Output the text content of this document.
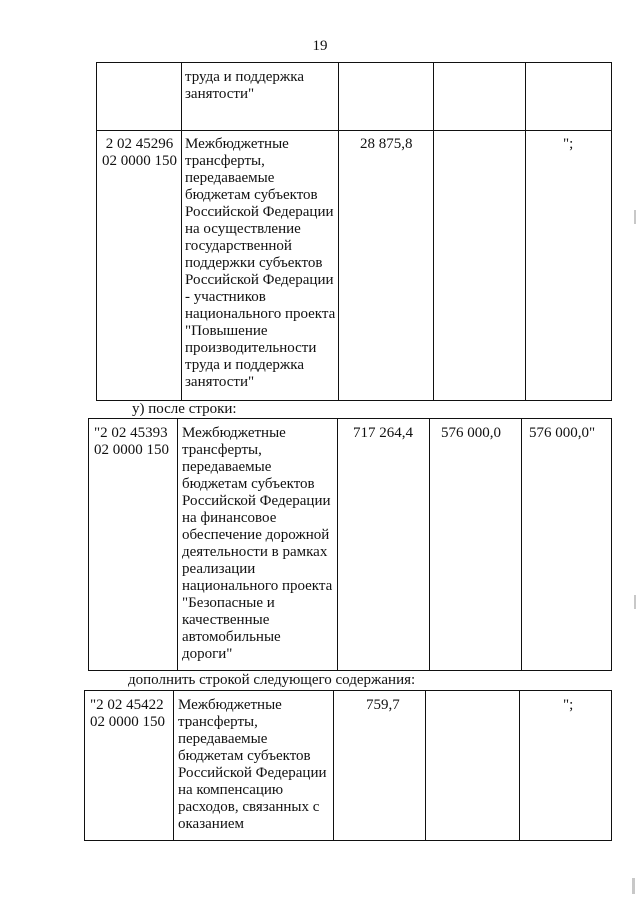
19
труда и поддержка
занятости"
2 02 45296
02 0000 150
Межбюджетные
трансферты,
передаваемые
бюджетам субъектов
Российской Федерации
на осуществление
государственной
поддержки субъектов
Российской Федерации
- участников
национального проекта
"Повышение
производительности
труда и поддержка
занятости"
28 875,8	";
у) после строки:
"2 02 45393
02 0000 150
Межбюджетные
трансферты,
передаваемые
бюджетам субъектов
Российской Федерации
на финансовое
обеспечение дорожной
деятельности в рамках
реализации
национального проекта
"Безопасные и
качественные
автомобильные
дороги"
717 264,4 576 000,0 576 000,0"
дополнить строкой следующего содержания:
"2 02 45422
02 0000 150
Межбюджетные
трансферты,
передаваемые
бюджетам субъектов
Российской Федерации
на компенсацию
расходов, связанных с
оказанием
759,7	";
